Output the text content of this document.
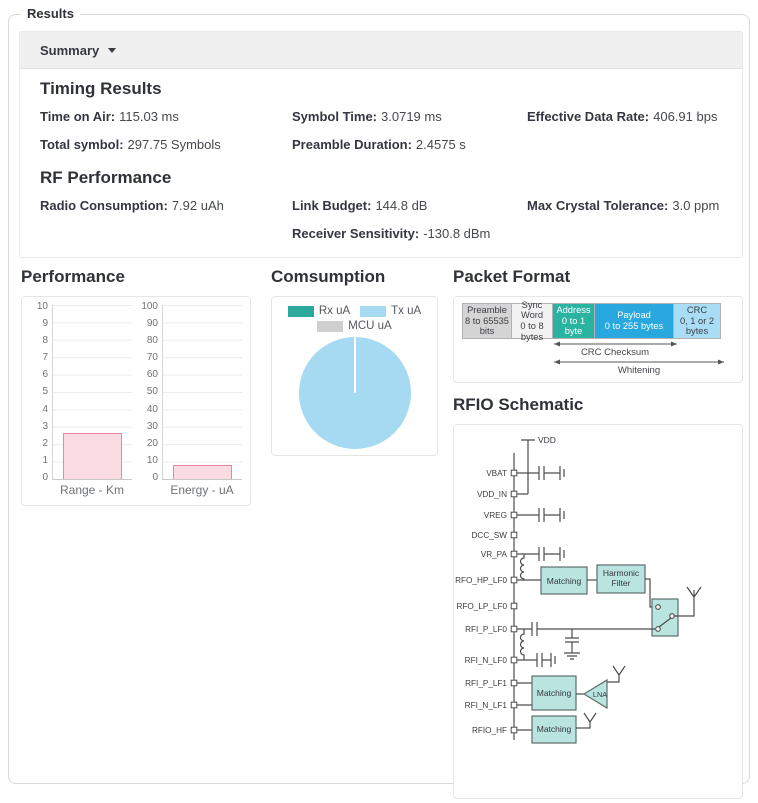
Results
Summary
Timing Results
Time on Air: 115.03 ms	Symbol Time: 3.0719 ms	Effective Data Rate: 406.91 bps
Total symbol: 297.75 Symbols	Preamble Duration: 2.4575 s
RF Performance
Radio Consumption: 7.92 uAh	Link Budget: 144.8 dB	Max Crystal Tolerance: 3.0 ppm
Receiver Sensitivity: -130.8 dBm
Performance
10
9
8
7
6
5
4
3
2
1
0
Range - Km
100
90
80
70
60
50
40
30
20
10
0
Energy - uA
Comsumption
Rx uA	Tx uA
MCU uA
Packet Format
Preamble
8 to 65535 bits
Sync Word
0 to 8 bytes
Address
0 to 1 byte
Payload
0 to 255 bytes
CRC
0, 1 or 2 bytes
CRC Checksum
Whitening
RFIO Schematic
VDD
Matching
Harmonic
Filter
Matching	LNA
Matching
VBAT
VDD_IN
VREG
DCC_SW
VR_PA
RFO_HP_LF0
RFO_LP_LF0
RFI_P_LF0
RFI_N_LF0
RFI_P_LF1
RFI_N_LF1
RFIO_HF
